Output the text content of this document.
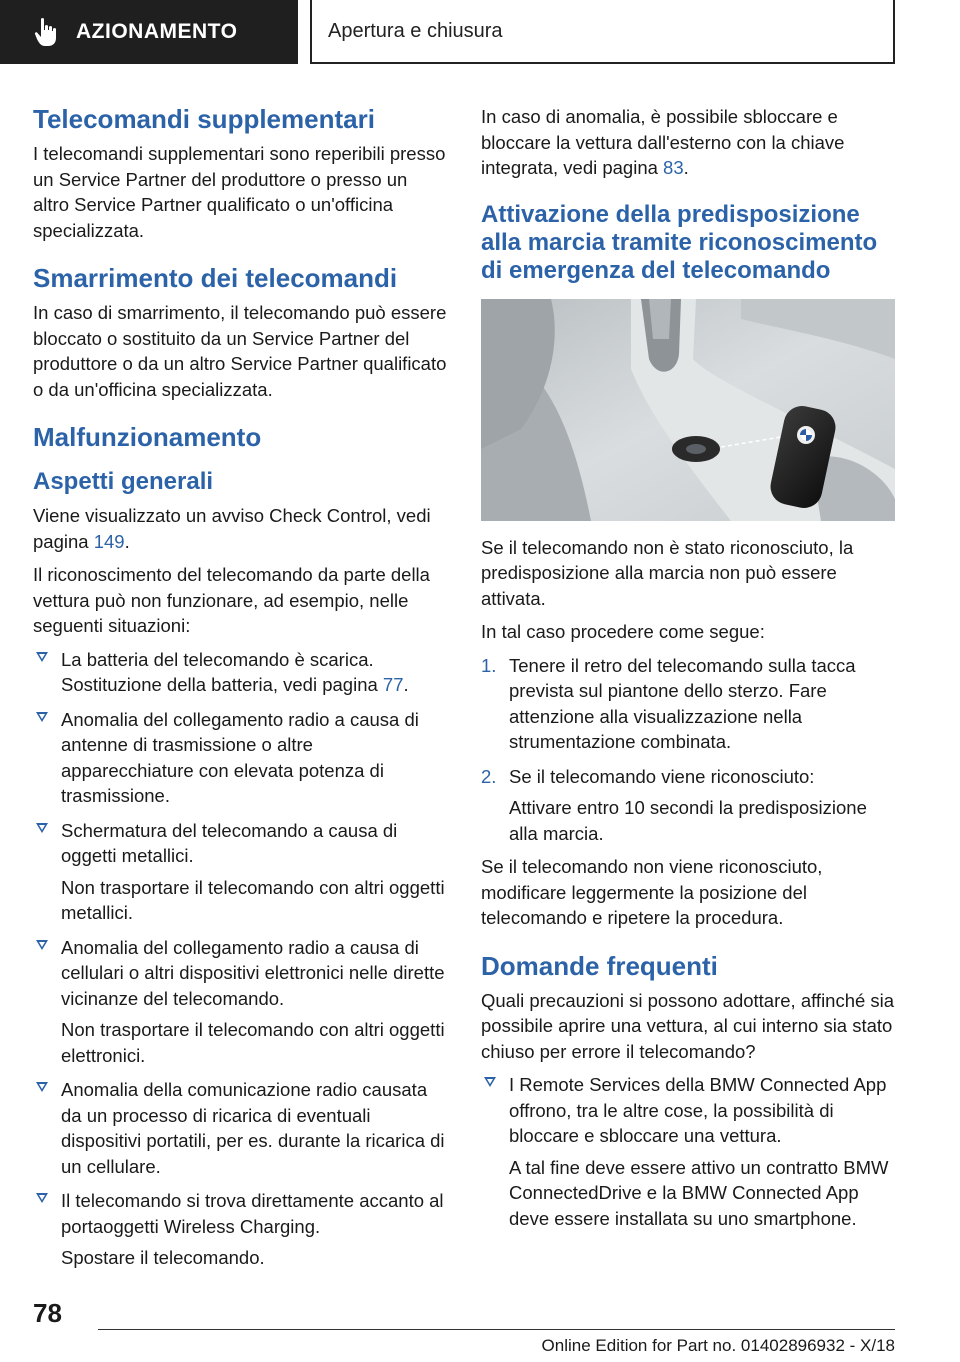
AZIONAMENTO	Apertura e chiusura
Telecomandi supplementari

I telecomandi supplementari sono reperibili presso un Service Partner del produttore o presso un altro Service Partner qualificato o un'officina specializzata.

Smarrimento dei telecomandi

In caso di smarrimento, il telecomando può essere bloccato o sostituito da un Service Partner del produttore o da un altro Service Partner qualificato o da un'officina specializzata.

Malfunzionamento
Aspetti generali

Viene visualizzato un avviso Check Control, vedi pagina 149.

Il riconoscimento del telecomando da parte della vettura può non funzionare, ad esempio, nelle seguenti situazioni:

La batteria del telecomando è scarica. Sostituzione della batteria, vedi pagina 77.

Anomalia del collegamento radio a causa di antenne di trasmissione o altre apparecchiature con elevata potenza di trasmissione.

Schermatura del telecomando a causa di oggetti metallici.

Non trasportare il telecomando con altri oggetti metallici.

Anomalia del collegamento radio a causa di cellulari o altri dispositivi elettronici nelle dirette vicinanze del telecomando.

Non trasportare il telecomando con altri oggetti elettronici.

Anomalia della comunicazione radio causata da un processo di ricarica di eventuali dispositivi portatili, per es. durante la ricarica di un cellulare.

Il telecomando si trova direttamente accanto al portaoggetti Wireless Charging.

Spostare il telecomando.

In caso di anomalia, è possibile sbloccare e bloccare la vettura dall'esterno con la chiave integrata, vedi pagina 83.

Attivazione della predisposizione alla marcia tramite riconoscimento di emergenza del telecomando

Se il telecomando non è stato riconosciuto, la predisposizione alla marcia non può essere attivata.

In tal caso procedere come segue:

1. Tenere il retro del telecomando sulla tacca prevista sul piantone dello sterzo. Fare attenzione alla visualizzazione nella strumentazione combinata.

2. Se il telecomando viene riconosciuto:

Attivare entro 10 secondi la predisposizione alla marcia.

Se il telecomando non viene riconosciuto, modificare leggermente la posizione del telecomando e ripetere la procedura.

Domande frequenti

Quali precauzioni si possono adottare, affinché sia possibile aprire una vettura, al cui interno sia stato chiuso per errore il telecomando?

I Remote Services della BMW Connected App offrono, tra le altre cose, la possibilità di bloccare e sbloccare una vettura.

A tal fine deve essere attivo un contratto BMW ConnectedDrive e la BMW Connected App deve essere installata su uno smartphone.

78
Online Edition for Part no. 01402896932 - X/18
